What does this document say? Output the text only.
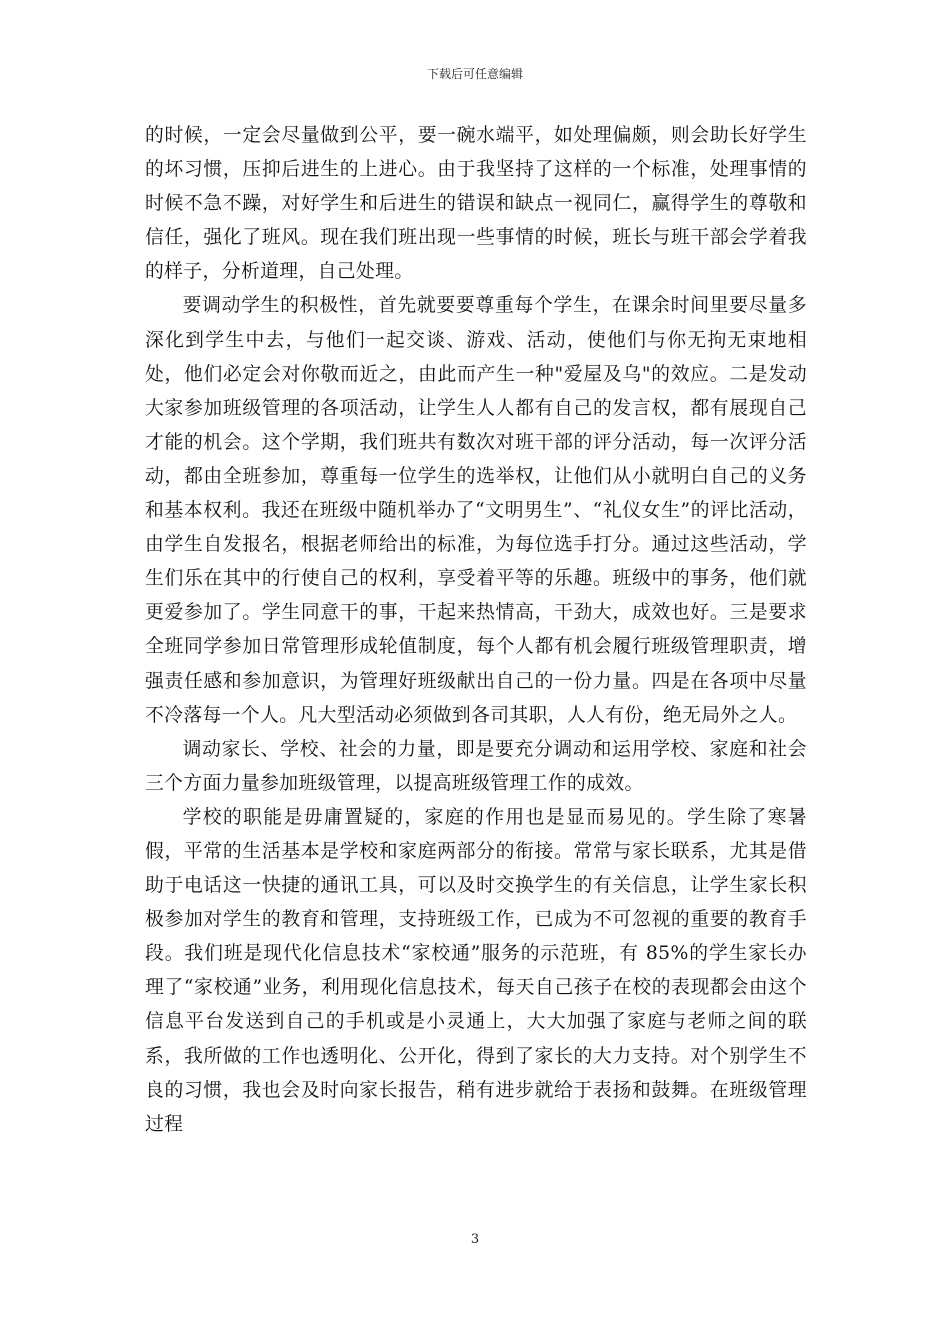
下载后可任意编辑

的时候，一定会尽量做到公平，要一碗水端平，如处理偏颇，则会助长好学生的坏习惯，压抑后进生的上进心。由于我坚持了这样的一个标准，处理事情的时候不急不躁，对好学生和后进生的错误和缺点一视同仁，赢得学生的尊敬和信任，强化了班风。现在我们班出现一些事情的时候，班长与班干部会学着我的样子，分析道理，自己处理。

要调动学生的积极性，首先就要要尊重每个学生，在课余时间里要尽量多深化到学生中去，与他们一起交谈、游戏、活动，使他们与你无拘无束地相处，他们必定会对你敬而近之，由此而产生一种"爱屋及乌"的效应。二是发动大家参加班级管理的各项活动，让学生人人都有自己的发言权，都有展现自己才能的机会。这个学期，我们班共有数次对班干部的评分活动，每一次评分活动，都由全班参加，尊重每一位学生的选举权，让他们从小就明白自己的义务和基本权利。我还在班级中随机举办了“文明男生”、“礼仪女生”的评比活动，由学生自发报名，根据老师给出的标准，为每位选手打分。通过这些活动，学生们乐在其中的行使自己的权利，享受着平等的乐趣。班级中的事务，他们就更爱参加了。学生同意干的事，干起来热情高，干劲大，成效也好。三是要求全班同学参加日常管理形成轮值制度，每个人都有机会履行班级管理职责，增强责任感和参加意识，为管理好班级献出自己的一份力量。四是在各项中尽量不冷落每一个人。凡大型活动必须做到各司其职，人人有份，绝无局外之人。

调动家长、学校、社会的力量，即是要充分调动和运用学校、家庭和社会三个方面力量参加班级管理，以提高班级管理工作的成效。

学校的职能是毋庸置疑的，家庭的作用也是显而易见的。学生除了寒暑假，平常的生活基本是学校和家庭两部分的衔接。常常与家长联系，尤其是借助于电话这一快捷的通讯工具，可以及时交换学生的有关信息，让学生家长积极参加对学生的教育和管理，支持班级工作，已成为不可忽视的重要的教育手段。我们班是现代化信息技术“家校通”服务的示范班，有 85%的学生家长办理了“家校通”业务，利用现化信息技术，每天自己孩子在校的表现都会由这个信息平台发送到自己的手机或是小灵通上，大大加强了家庭与老师之间的联系，我所做的工作也透明化、公开化，得到了家长的大力支持。对个别学生不良的习惯，我也会及时向家长报告，稍有进步就给于表扬和鼓舞。在班级管理过程

3
